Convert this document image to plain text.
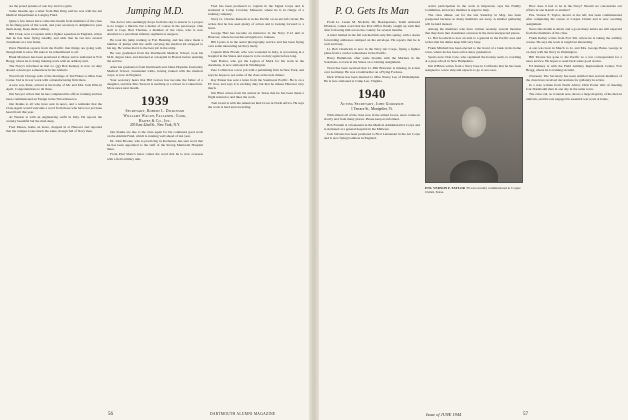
are the proud parents of one boy and two girls.

Some months ago a letter from Ben Ihrig said he was with the Air Medical Department at Langley Field.

Quite a few letters have come this month from members of the class in far-flung parts of the world, and your secretary is delighted to pass them along. Keep them coming.

Bill Clark, now a Captain with a fighter squadron in England, writes that he has been flying steadily and adds that he ran into several classmates at a rest home.

Dave Hartman reports from the Pacific that things are going well, though mail is slow. He asks to be remembered to all.

Hank Morrison has been promoted to Major and is stationed at Fort Bragg, where he is doing training work with an artillery unit.

The Navy's informed us that Lt. (jg) Bob Kenney is now on duty aboard a destroyer somewhere in the Atlantic.

Word from Chicago tells of the marriage of Ted Fisher to Miss Joan Carter. Ted is in war work with a manufacturing firm there.

A new son, Peter, arrived at the home of Mr. and Mrs. Jack Ellis in April. Congratulations to all three.

Jim Sawyer writes that he has completed his officer training and has been commissioned an Ensign in the Naval Reserve.

Our thanks to all who have sent in news, and a reminder that the Class Agent would welcome a word from those who have not yet been heard from this year.

Al Weston is with an engineering outfit in Italy. He reports the country beautiful but the mud deep.

Fred Mason, home on leave, dropped in at Hanover and reported that the campus looks much the same, though full of Navy men.

Jumping M.D.

The doctor who seemingly drops from the sky to answer to a prayer is no longer a miracle but a matter of course in the paratroops. One such is Capt. Bert Thomas, a member of the class, who is now attached to a parachute infantry regiment as surgeon.

He took his jump training at Fort Benning, and has since made a number of jumps with the outfit carrying his medical kit strapped to his leg. He writes that it is the best job in the army.

He was graduated from the Dartmouth Medical School, took his M.D. degree later, and interned at a hospital in Boston before entering the service.

After his graduation from Dartmouth and Johns Hopkins University Medical School, Lieutenant Little, having trained with the medical corps, is now in England.

Your secretary hears that Bill Graves has become the father of a daughter, and that Mac Stewart is teaching at a school in Connecticut. More news next month.

1939
Secretary, Robert L. Dickinson
Williams Walsh, Fallkner, Cook,
Hawes & Co., Inc.
205 East 42nd St., New York, N.Y.

Our thanks are due to the class agent for his continued good work on the Alumni Fund, which is running well ahead of last year.

Dr. John Brooks, who is practicing in Rochester, has sent word that he has been appointed to the staff of the Strong Memorial Hospital there.

From Paul Shaw's letter comes the word that he is now overseas with a field artillery unit.

Fred has been promoted to captain in the Signal Corps and is stationed at Camp Crowder, Missouri, where he is in charge of a training company.

Navy Lt. Charles Ransom is in the Pacific on an aircraft carrier. He writes that he has seen plenty of action and is looking forward to a leave.

George Hart has become an instructor in the Navy V-12 unit at Hanover, where he teaches navigation to trainees.

Bill Lyons is in the aerial photography service and has been flying over some interesting territory lately.

Captain Dick Elwell, who was wounded in Italy, is recovering in a hospital in the States and expects to be on duty again before long.

Sam Baxter, who got the Legion of Merit for his work in the Aleutians, is now stationed in Washington.

Pete Collins has a new job with a publishing firm in New York, and says he hopes to see some of the class at the next dinner.

Ray Parker has sent a letter from the Southwest Pacific. He is on a PT boat, and says it is exciting duty but that he misses Hanover very much.

Jim Hunt writes from his station in Texas that he has been made a flight instructor and likes the work.

Tom Grant is with the American Red Cross in North Africa. He says the work is hard and rewarding.

56	DARTMOUTH ALUMNI MAGAZINE
P. O. Gets Its Man

From Lt. Lester M. Nickolls '40, Headquarters, Tenth Armored Division, comes word that the Post Office finally caught up with him after following him across the country for several months.

A letter mailed in the fall reached him only this spring, with a dozen forwarding addresses stamped on the envelope. He reports that he is well and busy.

Lt. Bob Chadwick is now in the Navy Air Corps, flying a fighter plane from a carrier somewhere in the Pacific.

Harry Hammond, after some months with the Marines in the Solomons, is back in the States on a training assignment.

Word has been received that Lt. Phil Brewster is missing in action over Germany. He was a bombardier on a Flying Fortress.

Dick Wilson has been married to Miss Nancy Lee of Philadelphia. He is now stationed at Camp Lee, Virginia.

1940
Acting Secretary, John Goodrich
1 Terrace St., Montpelier, Vt.

With almost all of the class now in the armed forces, news comes in slowly and from many places. Please keep us informed.

Bob Farnum is a lieutenant in the Medical Administrative Corps and is stationed at a general hospital in the Midwest.

Jack Stevens has been promoted to First Lieutenant in the Air Corps and is now flying bombers in England.

active participation in the work is important, says the Family Committee, and every member is urged to help.

The class dinner, set for the last Saturday in May, has been postponed because so many members are away. A smaller gathering will be held instead.

Among the members who have written recently, several mention that they have met classmates overseas in the most unexpected places.

Lt. Hal Goodwin is now an aide to a general in the Pacific area and writes that his duties keep him very busy.

Frank Mitchell has been elected to the board of a bank in his home town, where he has been active since graduation.

Sports note: Don Cole, who captained the hockey team, is coaching at a prep school in New Hampshire.

Jim O'Brien writes from a Navy base in California that he has been assigned to a new ship and expects to go to sea soon.

ENS. VERNON F. TAYLOR '39 was recently commissioned at Corpus Christi, Texas.

How does it feel to be in the Navy? Should we concentrate our efforts in one branch or another?

Ens. Vernon F. Taylor, shown at the left, has been commissioned after completing his course at Corpus Christi and is now awaiting assignment.

News this month is small, and a good many letters are still expected from the members of the class.

Frank Kelley writes from Fort Sill, where he is taking the artillery course. He says the work is tough but interesting.

A son was born in March to Lt. and Mrs. George Bates. George is on duty with the Navy in Washington.

Bill Thorne has gone to the Pacific as a war correspondent for a news service. He hopes to send back some good stories.

Ed Ramsey is with the Field Artillery Replacement Center, Fort Bragg, where he is training recruits.

Overseas: The Secretary has been notified that several members of the class have received decorations for gallantry in action.

In a note written from North Africa, Dick Porter tells of meeting four Dartmouth men in one day in the same town.

The class roll, as it stands now, shows a large majority of the men in uniform, and the rest engaged in essential war work at home.

Issue of JUNE 1944	57
